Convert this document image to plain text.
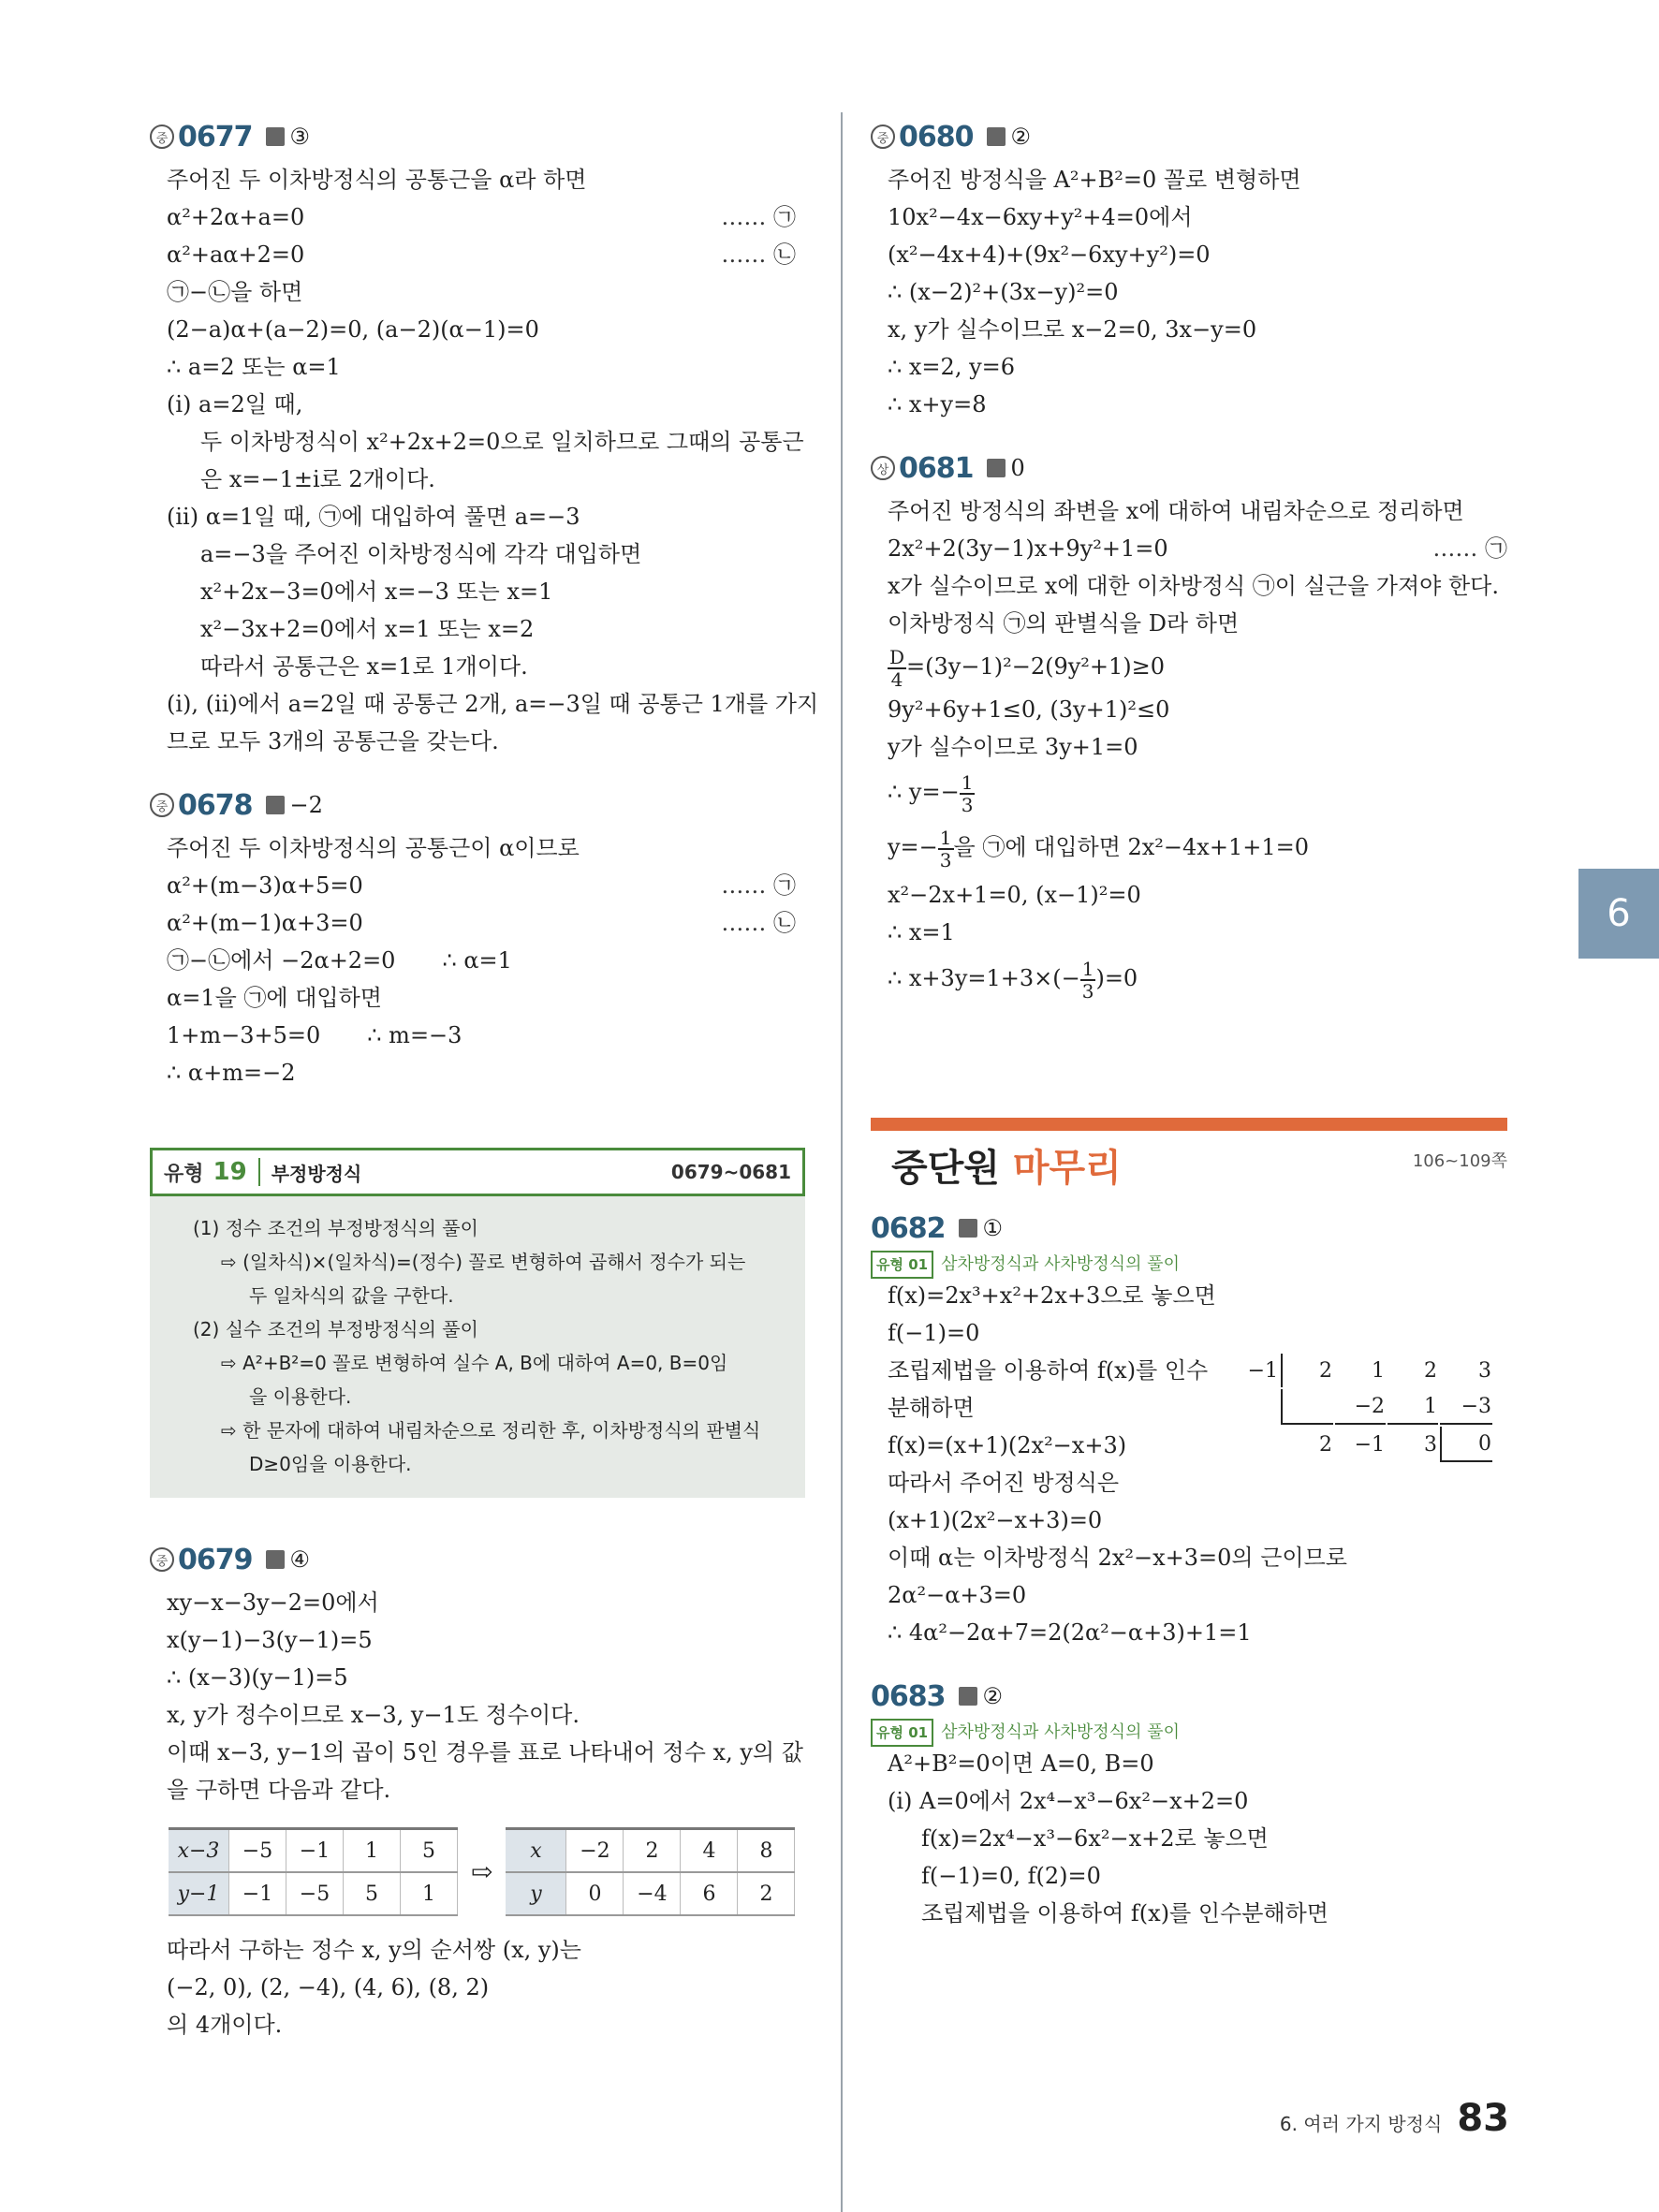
중 0677 ③
주어진 두 이차방정식의 공통근을 α라 하면
α²+2α+a=0	…… ㉠
α²+aα+2=0	…… ㉡
㉠−㉡을 하면
(2−a)α+(a−2)=0, (a−2)(α−1)=0
∴ a=2 또는 α=1
(i) a=2일 때,
두 이차방정식이 x²+2x+2=0으로 일치하므로 그때의 공통근
은 x=−1±i로 2개이다.
(ii) α=1일 때, ㉠에 대입하여 풀면 a=−3
a=−3을 주어진 이차방정식에 각각 대입하면
x²+2x−3=0에서 x=−3 또는 x=1
x²−3x+2=0에서 x=1 또는 x=2
따라서 공통근은 x=1로 1개이다.
(i), (ii)에서 a=2일 때 공통근 2개, a=−3일 때 공통근 1개를 가지
므로 모두 3개의 공통근을 갖는다.
중 0678 −2
주어진 두 이차방정식의 공통근이 α이므로
α²+(m−3)α+5=0	…… ㉠
α²+(m−1)α+3=0	…… ㉡
㉠−㉡에서 −2α+2=0 ∴ α=1
α=1을 ㉠에 대입하면
1+m−3+5=0 ∴ m=−3
∴ α+m=−2
유형 19	부정방정식	0679~0681
(1) 정수 조건의 부정방정식의 풀이
⇨ (일차식)×(일차식)=(정수) 꼴로 변형하여 곱해서 정수가 되는
두 일차식의 값을 구한다.
(2) 실수 조건의 부정방정식의 풀이
⇨ A²+B²=0 꼴로 변형하여 실수 A, B에 대하여 A=0, B=0임
을 이용한다.
⇨ 한 문자에 대하여 내림차순으로 정리한 후, 이차방정식의 판별식
D≥0임을 이용한다.
중 0679 ④
xy−x−3y−2=0에서
x(y−1)−3(y−1)=5
∴ (x−3)(y−1)=5
x, y가 정수이므로 x−3, y−1도 정수이다.
이때 x−3, y−1의 곱이 5인 경우를 표로 나타내어 정수 x, y의 값
을 구하면 다음과 같다.
x−3	−5	−1	1	5
y−1	−1	−5	5	1
⇨
x	−2	2	4	8
y	0	−4	6	2
따라서 구하는 정수 x, y의 순서쌍 (x, y)는
(−2, 0), (2, −4), (4, 6), (8, 2)
의 4개이다.
중 0680 ②
주어진 방정식을 A²+B²=0 꼴로 변형하면
10x²−4x−6xy+y²+4=0에서
(x²−4x+4)+(9x²−6xy+y²)=0
∴ (x−2)²+(3x−y)²=0
x, y가 실수이므로 x−2=0, 3x−y=0
∴ x=2, y=6
∴ x+y=8
상 0681 0
주어진 방정식의 좌변을 x에 대하여 내림차순으로 정리하면
2x²+2(3y−1)x+9y²+1=0	…… ㉠
x가 실수이므로 x에 대한 이차방정식 ㉠이 실근을 가져야 한다.
이차방정식 ㉠의 판별식을 D라 하면
$\frac{D}{4} =(3y-1)^2-2(9y^2+1)\ge 0$
9y²+6y+1≤0, (3y+1)²≤0
y가 실수이므로 3y+1=0
∴ $y=- \frac{1}{3}$
$y=- \frac{1}{3}$ 을 ㉠에 대입하면 2x²−4x+1+1=0
x²−2x+1=0, (x−1)²=0
∴ x=1
∴ $x+3y=1+3\times(- \frac{1}{3} )=0$
중단원 마무리	106~109쪽
0682 ①
유형 01 삼차방정식과 사차방정식의 풀이
f(x)=2x³+x²+2x+3으로 놓으면
f(−1)=0
조립제법을 이용하여 f(x)를 인수
분해하면
f(x)=(x+1)(2x²−x+3)
−1	2	1	2	3
		−2	1	−3
	2	−1	3	0
따라서 주어진 방정식은
(x+1)(2x²−x+3)=0
이때 α는 이차방정식 2x²−x+3=0의 근이므로
2α²−α+3=0
∴ 4α²−2α+7=2(2α²−α+3)+1=1
0683 ②
유형 01 삼차방정식과 사차방정식의 풀이
A²+B²=0이면 A=0, B=0
(i) A=0에서 2x⁴−x³−6x²−x+2=0
f(x)=2x⁴−x³−6x²−x+2로 놓으면
f(−1)=0, f(2)=0
조립제법을 이용하여 f(x)를 인수분해하면
6
6. 여러 가지 방정식 83
